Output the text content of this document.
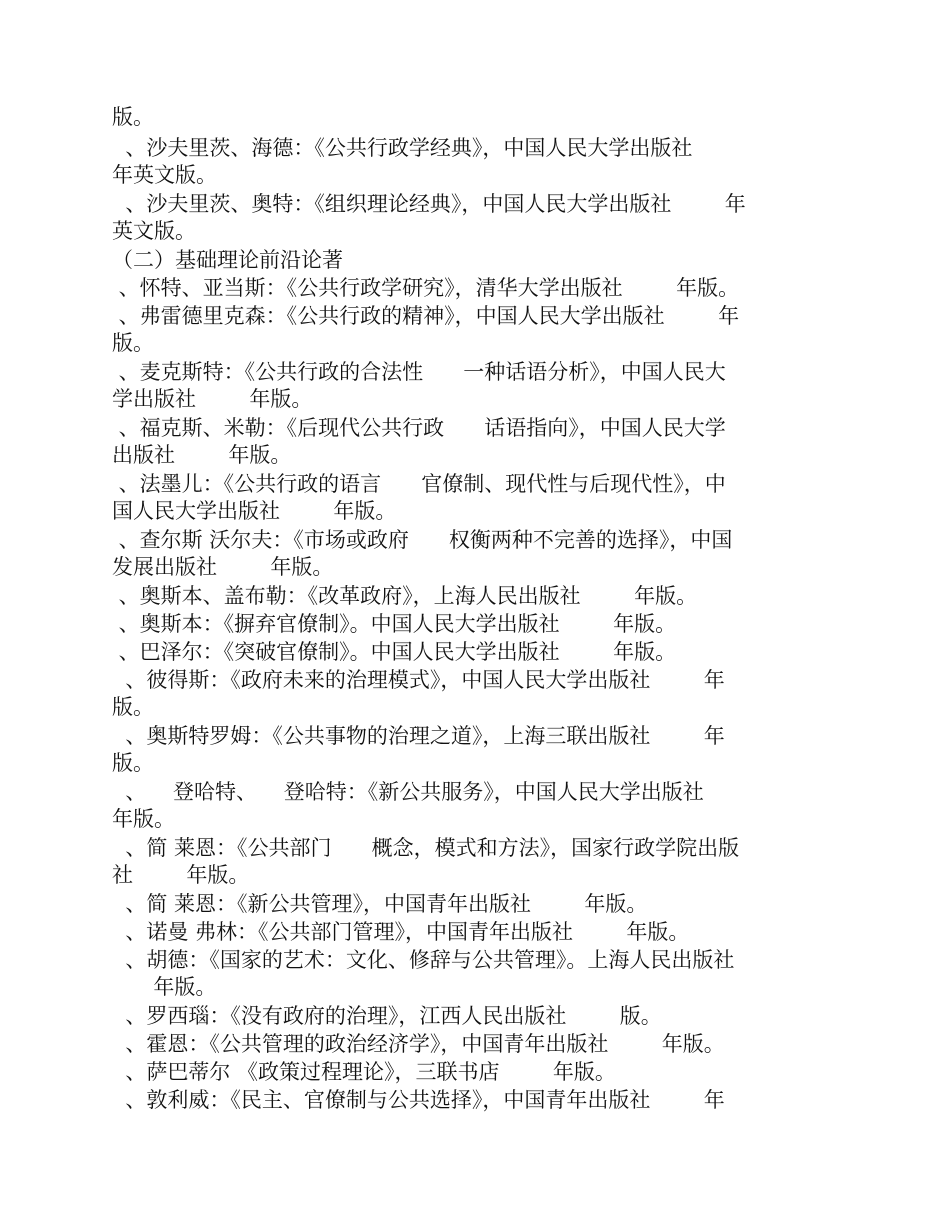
版。
、沙夫里茨、海德：《公共行政学经典》，中国人民大学出版社
年英文版。
、沙夫里茨、奥特：《组织理论经典》，中国人民大学出版社        年
英文版。
（二）基础理论前沿论著
、怀特、亚当斯：《公共行政学研究》，清华大学出版社        年版。
、弗雷德里克森：《公共行政的精神》，中国人民大学出版社        年
版。
、麦克斯特：《公共行政的合法性      一种话语分析》，中国人民大
学出版社        年版。
、福克斯、米勒：《后现代公共行政      话语指向》，中国人民大学
出版社        年版。
、法墨儿：《公共行政的语言      官僚制、现代性与后现代性》，中
国人民大学出版社        年版。
、查尔斯 沃尔夫：《市场或政府      权衡两种不完善的选择》，中国
发展出版社        年版。
、奥斯本、盖布勒：《改革政府》，上海人民出版社        年版。
、奥斯本：《摒弃官僚制》。中国人民大学出版社        年版。
、巴泽尔：《突破官僚制》。中国人民大学出版社        年版。
、彼得斯：《政府未来的治理模式》，中国人民大学出版社        年
版。
、奥斯特罗姆：《公共事物的治理之道》，上海三联出版社        年
版。
、    登哈特、    登哈特：《新公共服务》，中国人民大学出版社
年版。
、简 莱恩：《公共部门      概念，模式和方法》，国家行政学院出版
社        年版。
、简 莱恩：《新公共管理》，中国青年出版社        年版。
、诺曼 弗林：《公共部门管理》，中国青年出版社        年版。
、胡德：《国家的艺术：文化、修辞与公共管理》。上海人民出版社
年版。
、罗西瑙：《没有政府的治理》，江西人民出版社        版。
、霍恩：《公共管理的政治经济学》，中国青年出版社        年版。
、萨巴蒂尔 《政策过程理论》，三联书店        年版。
、敦利威：《民主、官僚制与公共选择》，中国青年出版社        年
